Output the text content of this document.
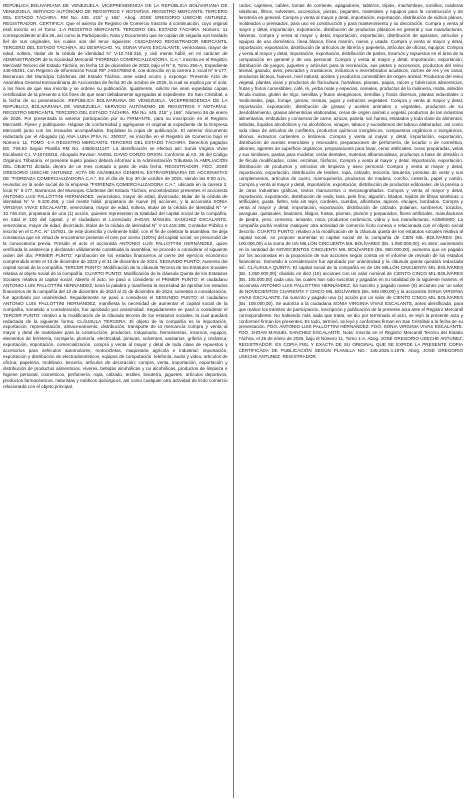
REPÚBLICA BOLIVARIANA DE VENEZUELA. VICEPRESIDENCIA DE LA REPÚBLICA BOLIVARIANA DE VENEZUELA. SERVICIO AUTÓNOMO DE REGISTROS Y NOTARÍAS. REGISTRO MERCANTIL TERCERO DEL ESTADO TÁCHIRA. RM No. 445. 215° y 166°. Abog. JOSÉ GREGORIO USECHE ANTUNEZ, REGISTRADOR. CERTIFICA: Que el asiento de Registro de Comercio trascrito a continuación, cuyo original está inscrito en el Tomo: 1-A REGISTRO MERCANTIL TERCERO DEL ESTADO TÁCHIRA. Número: 11 correspondiente al día 26, así como la Participación, Nota y Documento que se copian de seguida son traslado fiel de sus originales, los cuales son del tenor siguiente: CIUDADANO REGISTRADOR MERCANTIL TERCERO DEL ESTADO TÁCHIRA. SU DESPACHO. Yo, SONIA VIVAS ESCALANTE, venezolana, mayor de edad, soltera, titular de la cédula de identidad N° V-10.748.316, y civil mente hábil, en mi carácter de ADMINISTRADOR de la Sociedad Mercantil "FIORENZA COMERCIALIZADORA, C.A.", inscrita en el Registro Mercantil Tercero del Estado Táchira, en fecha 13 de diciembre de 2023, bajo el N° 9, Tomo 255-A, Expediente 445-55491, con Registro de Información Fiscal RIF J-50478092-8, con domicilio en la carrera 2, local N° 6-177, Barrancas del Municipio Cárdenas del Estado Táchira, ante usted ocurro y expongo: Presento Acta de Asamblea General Extraordinaria de Accionistas de fecha 30 de octubre de 2025, la cual se explica por sí sola, a los fines de que sea inscrita y se ordene su publicación. Igualmente, solicito me sean expedidas copias certificadas de la presente a los fines de que sean debidamente agregadas al expediente. En San Cristóbal, a la fecha de su presentación. REPÚBLICA BOLIVARIANA DE VENEZUELA. VICEPRESIDENCIA DE LA REPÚBLICA BOLIVARIANA DE VENEZUELA. SERVICIO AUTÓNOMO DE REGISTROS Y NOTARÍAS. REGISTRO MERCANTIL TERCERO DEL ESTADO TÁCHIRA. RM No. 445. 215° y 166°. Número 26 de enero de 2026. Por presentada la anterior participación por su FIRMANTE, para su inscripción en el Registro Mercantil. Fíjese y publíquese. Hágase de conformidad y agréguese el original al expediente de la Empresa Mercantil junto con los recaudos acompañados. Expídase la copia de publicación. El anterior documento redactado por el Abogado (a) ANA LUNA IPSA N.: 250037, se inscribe en el Registro de Comercio bajo el Número: 11, TOMO -1-A REGISTRO MERCANTIL TERCERO DEL ESTADO TÁCHIRA. Derechos pagados BS: 769,63 Según Planilla RM No. 44500441147. La identificación se efectuó así: Sonia Virginia Vivas Escalante C.I. V-10748316. Abogado Revisor: ANGEL DAVID CORZO ORION. Conforme al Art. 35 del Código Orgánico Tributario, el presente sujeto pasivo deberá informar a la Administración Tributaria la AMPLIACIÓN DEL OBJETO dictada, dentro de un mes contado a partir de esta fecha. REGISTRADOR. FDO. JOSÉ GREGORIO USECHE ANTUNEZ. ACTA DE ASAMBLEA GENERAL EXTRAORDINARIA DE ACCIONISTAS DE "FIORENZA COMERCIALIZADORA C.A.". En el día de hoy 30 de octubre de 2025, siendo las 9:00 a.m., reunidos en la sede social de la empresa "FIORENZA COMERCIALIZADORA C.A.", ubicada en la carrera 2, local N° 6-177, Barrancas del Municipio Cárdenas del Estado Táchira, encontrándose presentes el accionista ANTONIO LUIS PALLOTTINI HERNÁNDEZ, venezolano, mayor de edad, divorciado, titular de la cédula de identidad N° V- 9.100.456, y civil mente hábil, propietario de nueve (9) acciones, y la accionista SONIA VIRGINIA VIVAS ESCALANTE, venezolana, mayor de edad, soltera, titular de la cédula de identidad N° V-10.748.316, propietaria de una (1) acción, quienes representan la totalidad del capital social de la compañía, en total el 100 del capital, y el ciudadano el Licenciado JHOAN MANUEL SANCHEZ ESCALANTE, venezolano, mayor de edad, divorciado, titular de la cédula de identidad N° V-14.418.285, Contador Público e inscrito en el C.P.C. N° 157921, de este domicilio y civilmente hábil, con el fin de celebrar la asamblea. Se deja constancia que en virtud de encontrarse presente el cien por ciento (100%) del capital social, se prescindió de la convocatoria previa. Preside el acto el accionista ANTONIO LUIS PALLOTTINI HERNÁNDEZ, quien verificada la asistencia y declarado válidamente constituida la asamblea, se procede a considerar el siguiente orden del día: PRIMER PUNTO: Aprobación de los estados financieros al cierre del ejercicio económico comprendido entre el 13 de diciembre de 2023 y el 31 de diciembre de 2024. SEGUNDO PUNTO: Aumento del capital social de la compañía. TERCER PUNTO: Modificación de la cláusula Tercera de los Estatutos Sociales relativa al objeto social de la compañía. CUARTO PUNTO: Modificación de la cláusula Quinta de los Estatutos Sociales relativa al capital social. Abierto el acto, se pasó a considerar el PRIMER PUNTO: el ciudadano ANTONIO LUIS PALLOTTINI HERNÁNDEZ, toma la palabra y manifiesta la necesidad de aprobar los estados financieros de la compañía del 13 de diciembre de 2023 al 31 de diciembre de 2024, sometido a consideración, fue aprobado por unanimidad. Seguidamente se pasó a considerar el SEGUNDO PUNTO: el ciudadano ANTONIO LUIS PALLOTTINI HERNÁNDEZ, manifiesta la necesidad de aumentar el capital social de la compañía, sometido a consideración, fue aprobado por unanimidad. Seguidamente se pasó a considerar el TERCER PUNTO: relativo a la modificación de la cláusula tercera de los estatutos sociales, la cual quedará redactada de la siguiente forma: CLÁUSULA TERCERA: El objeto de la compañía es la importación, exportación, representación, almacenamiento, distribución, transporte de la mercancía compra y venta al mayor y detal de materiales para la construcción, productos, maquinaria, herramientas, insumos, equipos, elementos de ferretería, cerrajería, plomería, electricidad, pinturas, solventes, sanitarios, grifería y cerámica; exportación, importación, comercialización, compra y venta al mayor y detal de toda clase de repuestos y accesorios para vehículos automotores, motocicletas, maquinaria agrícola e industrial; importación, exportación y distribución de electrodomésticos, equipos de computación, telefonía, audio y video, artículos de oficina, papelería, mobiliario, lencería, artículos de decoración; compra, venta, importación, exportación y distribución de productos alimenticios, víveres, bebidas alcohólicas y no alcohólicas, productos de limpieza e higiene personal, cosméticos, perfumería, ropa, calzado, textiles, bisutería, juguetes, artículos deportivos, productos farmacéuticos, naturistas y médicos quirúrgicos, así como cualquier otra actividad de lícito comercio relacionada con el objeto principal.

codos, cajetines, cables, tomas de corriente, apagadores, tableros, tripies, machimbres, tornillos, maderas sintéticas, filtros, solventes, accesorios, piezas, pegantes, materiales y equipos para la construcción y de ferretería en general. Compra y venta al mayor y detal, importación, exportación, distribución de vidrios planos, moldeados o prensados, para uso en construcción y para mantenimiento y su decoración. Compra y venta al mayor y detal, importación, exportación, distribución de productos plásticos en general y sus manufacturas. Neveras, compra y venta al mayor y detal, importación, exportación, distribución de aparatos, artículos y equipos de uso doméstico, línea blanca, línea marrón, nueva y usada. Compra y venta al mayor y detal, importación, exportación, distribución de artículos de librería y papelería, artículos de oficina, equipos. Compra y venta al mayor y detal, importación, exportación, distribución de partes, insumos y repuestos en el área de la computación en general y de uso personal. Compra y venta al mayor y detal, importación, exportación, distribución de juegos, juguetes y artículos para la recreación, sus partes y accesorios, productos del reino animal, ganado, aves, pescados y crustáceos, moluscos e invertebrados acuáticos, carnes de res y en canal, productos lácteos, huevos, miel natural, aceites y productos comestibles de origen animal. Productos del reino vegetal, plantas vivas y productos de floricultura, hortalizas, plantas, papas, raíces y tubérculos alimenticios, frutas y frutos comestibles, café, té, yerba mate y especias, cereales, productos de la molinería, malta, almidón fécula inulina, gluten de trigo, semillas y frutos oleaginosos, semillas y frutos diversos, plantas industriales o medicinales, paja, forraje, gomas, resinas, jugos y extractos vegetales. Compra y venta al mayor y detal, importación, exportación, distribución de grasas y aceites animales o vegetales, productos de su desdoblamiento, grasas alimenticias elaboradas, ceras de origen animal o vegetal, productos de las industrias alimentarias, embutidos y conservas de carne, azúcar, panela, sal, harina, enlatados y toda clase de alimentos, bebidas, líquidos alcohólicos y no alcohólicos, vinagre, tabaco y sucedáneos del tabaco elaborados, así como toda clase de artículos de confitería, productos químicos inorgánicos, compuestos orgánicos o inorgánicos, abonos, extractos curtientes o tintóreos. Compra y venta al mayor y detal, importación, exportación, distribución de aceites esenciales y resinoides, preparaciones de perfumería, de tocador o de cosmética, jabones, agentes de superficie orgánicos, preparaciones para lavar, ceras artificiales, ceras preparadas, velas y sus similares, pastas para modelar, ceras dentales, materias albuminoideas, productos a base de almidón o de fécula modificados, colas, enzimas, fósforos. Compra y venta al mayor y detal, importación, exportación, distribución de productos y artículos de limpieza y aseo personal. Compra y venta al mayor y detal, importación, exportación, distribución de textiles, ropa, calzado, lencería, bisutería, prendas de vestir y sus complementos, artículos de cuero, marroquinería, productos de madera, corcho, cestería, papel y cartón. Compra y venta al mayor y detal, importación, exportación, distribución de productos editoriales, de la prensa o de otras industrias gráficas, textos manuscritos o mecanografiados. Compra y venta al mayor y detal, importación, exportación, distribución de seda, lana, pelo fino, algodón, hilados, tejidos de fibras sintéticas o artificiales, guata, fieltro, tela sin tejer, cordeles, cuerdas, alfombras, tapices, encajes, bordados. Compra y venta al mayor y detal, importación, exportación, distribución de calzado, polainas, sombreros, tocados, paraguas, quitasoles, bastones, látigos, fustas, plumas, plumón y preparados, flores artificiales, manufacturas de piedra, yeso, cemento, amianto, mica, productos cerámicos, vidrio y sus manufacturas. ASIMISMO: La compañía podrá realizar cualquier otra actividad de comercio lícito conexa o relacionada con el objeto social descrito. CUARTO PUNTO: relativo a la modificación de la cláusula quinta de los estatutos sociales relativa al capital social, se propone aumentar el capital social de la compañía de CIEN MIL BOLÍVARES (Bs. 100.000,00) a la suma de UN MILLÓN CINCUENTA MIL BOLÍVARES (Bs. 1.050.000,00), es decir, aumentarlo en la cantidad de NOVECIENTOS CINCUENTA MIL BOLÍVARES (Bs. 950.000,00), aumento que es pagado por los accionistas en la proporción de sus acciones según consta en el informe de revisión de los estados financieros. Sometido a consideración fue aprobado por unanimidad y la cláusula quinta quedará redactada así: CLÁUSULA QUINTA: El capital social de la compañía es de UN MILLÓN CINCUENTA MIL BOLÍVARES (Bs. 1.050.000,00), dividido en diez (10) acciones con un valor nominal de CIENTO CINCO MIL BOLÍVARES (Bs. 105.000,00) cada una, las cuales han sido suscritas y pagadas en su totalidad de la siguiente manera: el accionista ANTONIO LUIS PALLOTTINI HERNÁNDEZ, ha suscrito y pagado nueve (9) acciones por un valor de NOVECIENTOS CUARENTA Y CINCO MIL BOLÍVARES (Bs. 945.000,00) y la accionista SONIA VIRGINIA VIVAS ESCALANTE, ha suscrito y pagado una (1) acción por un valor de CIENTO CINCO MIL BOLÍVARES (Bs. 105.000,00). Se autoriza a la ciudadana SONIA VIRGINIA VIVAS ESCALANTE, antes identificada, para que realice los trámites de participación, inscripción y publicación de la presente acta ante el Registro Mercantil correspondiente. No habiendo más nada que tratar, se dio por terminado el acto, se leyó la presente acta y conformes firman los presentes. Es todo, terminó, se leyó y conformes firman en San Cristóbal a la fecha de su presentación. FDO. ANTONIO LUIS PALLOTTINI HERNÁNDEZ. FDO. SONIA VIRGINIA VIVAS ESCALANTE. FDO. JHOAN MANUEL SANCHEZ ESCALANTE. Nota: Inscrita en el Registro Mercantil Tercero del Estado Táchira, el 26 de enero de 2026, bajo el Número 11, Tomo 1-A. Abog. JOSÉ GREGORIO USECHE ANTUNEZ. REGISTRADOR. ES COPIA FIEL Y EXACTA DE SU ORIGINAL QUE SE EXPIDE LA PRESENTE COPIA CERTIFICADA DE PUBLICACIÓN SEGÚN PLANILLA NO.: 445.2025.4.1979. Abog. JOSÉ GREGORIO USECHE ANTUNEZ. REGISTRADOR.
